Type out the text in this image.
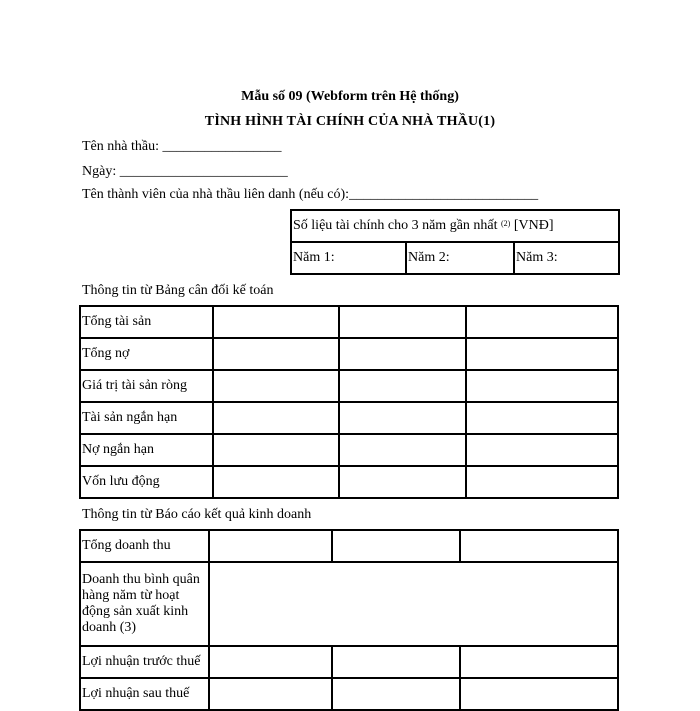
Mẫu số 09 (Webform trên Hệ thống)
TÌNH HÌNH TÀI CHÍNH CỦA NHÀ THẦU(1)
Tên nhà thầu: _________________
Ngày: ________________________
Tên thành viên của nhà thầu liên danh (nếu có):___________________________
Số liệu tài chính cho 3 năm gần nhất $^{(2)}$ [VNĐ]
Năm 1:	Năm 2:	Năm 3:
Thông tin từ Bảng cân đối kế toán
Tổng tài sản			
Tổng nợ			
Giá trị tài sản ròng			
Tài sản ngắn hạn			
Nợ ngắn hạn			
Vốn lưu động			
Thông tin từ Báo cáo kết quả kinh doanh
Tổng doanh thu			
Doanh thu bình quân hàng năm từ hoạt động sản xuất kinh doanh (3)			
Lợi nhuận trước thuế			
Lợi nhuận sau thuế			
